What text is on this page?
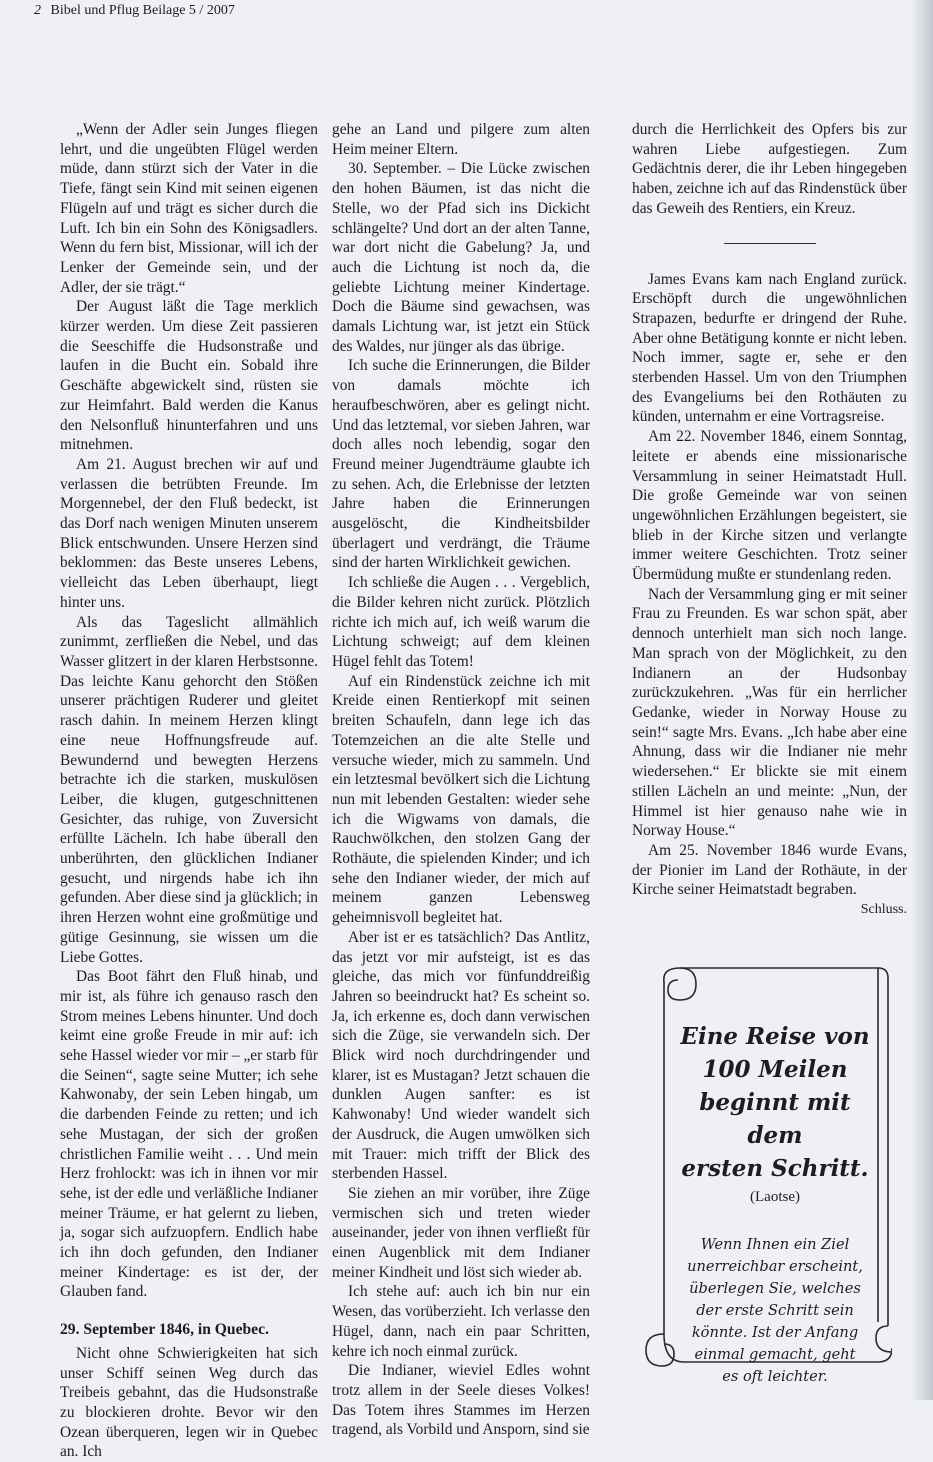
2 Bibel und Pflug Beilage 5 / 2007

„Wenn der Adler sein Junges fliegen lehrt, und die ungeübten Flügel werden müde, dann stürzt sich der Vater in die Tiefe, fängt sein Kind mit seinen eigenen Flügeln auf und trägt es sicher durch die Luft. Ich bin ein Sohn des Königsadlers. Wenn du fern bist, Missionar, will ich der Lenker der Gemeinde sein, und der Adler, der sie trägt.“

Der August läßt die Tage merklich kürzer werden. Um diese Zeit passieren die Seeschiffe die Hudsonstraße und laufen in die Bucht ein. Sobald ihre Geschäfte abgewickelt sind, rüsten sie zur Heimfahrt. Bald werden die Kanus den Nelsonfluß hinunterfahren und uns mitnehmen.

Am 21. August brechen wir auf und verlassen die betrübten Freunde. Im Morgennebel, der den Fluß bedeckt, ist das Dorf nach wenigen Minuten unserem Blick entschwunden. Unsere Herzen sind beklommen: das Beste unseres Lebens, vielleicht das Leben überhaupt, liegt hinter uns.

Als das Tageslicht allmählich zunimmt, zerfließen die Nebel, und das Wasser glitzert in der klaren Herbstsonne. Das leichte Kanu gehorcht den Stößen unserer prächtigen Ruderer und gleitet rasch dahin. In meinem Herzen klingt eine neue Hoffnungsfreude auf. Bewundernd und bewegten Herzens betrachte ich die starken, muskulösen Leiber, die klugen, gutgeschnittenen Gesichter, das ruhige, von Zuversicht erfüllte Lächeln. Ich habe überall den unberührten, den glücklichen Indianer gesucht, und nirgends habe ich ihn gefunden. Aber diese sind ja glücklich; in ihren Herzen wohnt eine großmütige und gütige Gesinnung, sie wissen um die Liebe Gottes.

Das Boot fährt den Fluß hinab, und mir ist, als führe ich genauso rasch den Strom meines Lebens hinunter. Und doch keimt eine große Freude in mir auf: ich sehe Hassel wieder vor mir – „er starb für die Seinen“, sagte seine Mutter; ich sehe Kahwonaby, der sein Leben hingab, um die darbenden Feinde zu retten; und ich sehe Mustagan, der sich der großen christlichen Familie weiht . . . Und mein Herz frohlockt: was ich in ihnen vor mir sehe, ist der edle und verläßliche Indianer meiner Träume, er hat gelernt zu lieben, ja, sogar sich aufzuopfern. Endlich habe ich ihn doch gefunden, den Indianer meiner Kindertage: es ist der, der Glauben fand.

29. September 1846, in Quebec.

Nicht ohne Schwierigkeiten hat sich unser Schiff seinen Weg durch das Treibeis gebahnt, das die Hudsonstraße zu blockieren drohte. Bevor wir den Ozean überqueren, legen wir in Quebec an. Ich

gehe an Land und pilgere zum alten Heim meiner Eltern.

30. September. – Die Lücke zwischen den hohen Bäumen, ist das nicht die Stelle, wo der Pfad sich ins Dickicht schlängelte? Und dort an der alten Tanne, war dort nicht die Gabelung? Ja, und auch die Lichtung ist noch da, die geliebte Lichtung meiner Kindertage. Doch die Bäume sind gewachsen, was damals Lichtung war, ist jetzt ein Stück des Waldes, nur jünger als das übrige.

Ich suche die Erinnerungen, die Bilder von damals möchte ich heraufbeschwören, aber es gelingt nicht. Und das letztemal, vor sieben Jahren, war doch alles noch lebendig, sogar den Freund meiner Jugendträume glaubte ich zu sehen. Ach, die Erlebnisse der letzten Jahre haben die Erinnerungen ausgelöscht, die Kindheitsbilder überlagert und verdrängt, die Träume sind der harten Wirklichkeit gewichen.

Ich schließe die Augen . . . Vergeblich, die Bilder kehren nicht zurück. Plötzlich richte ich mich auf, ich weiß warum die Lichtung schweigt; auf dem kleinen Hügel fehlt das Totem!

Auf ein Rindenstück zeichne ich mit Kreide einen Rentierkopf mit seinen breiten Schaufeln, dann lege ich das Totemzeichen an die alte Stelle und versuche wieder, mich zu sammeln. Und ein letztesmal bevölkert sich die Lichtung nun mit lebenden Gestalten: wieder sehe ich die Wigwams von damals, die Rauchwölkchen, den stolzen Gang der Rothäute, die spielenden Kinder; und ich sehe den Indianer wieder, der mich auf meinem ganzen Lebensweg geheimnisvoll begleitet hat.

Aber ist er es tatsächlich? Das Antlitz, das jetzt vor mir aufsteigt, ist es das gleiche, das mich vor fünfunddreißig Jahren so beeindruckt hat? Es scheint so. Ja, ich erkenne es, doch dann verwischen sich die Züge, sie verwandeln sich. Der Blick wird noch durchdringender und klarer, ist es Mustagan? Jetzt schauen die dunklen Augen sanfter: es ist Kahwonaby! Und wieder wandelt sich der Ausdruck, die Augen umwölken sich mit Trauer: mich trifft der Blick des sterbenden Hassel.

Sie ziehen an mir vorüber, ihre Züge vermischen sich und treten wieder auseinander, jeder von ihnen verfließt für einen Augenblick mit dem Indianer meiner Kindheit und löst sich wieder ab.

Ich stehe auf: auch ich bin nur ein Wesen, das vorüberzieht. Ich verlasse den Hügel, dann, nach ein paar Schritten, kehre ich noch einmal zurück.

Die Indianer, wieviel Edles wohnt trotz allem in der Seele dieses Volkes! Das Totem ihres Stammes im Herzen tragend, als Vorbild und Ansporn, sind sie

durch die Herrlichkeit des Opfers bis zur wahren Liebe aufgestiegen. Zum Gedächtnis derer, die ihr Leben hingegeben haben, zeichne ich auf das Rindenstück über das Geweih des Rentiers, ein Kreuz.

James Evans kam nach England zurück. Erschöpft durch die ungewöhnlichen Strapazen, bedurfte er dringend der Ruhe. Aber ohne Betätigung konnte er nicht leben. Noch immer, sagte er, sehe er den sterbenden Hassel. Um von den Triumphen des Evangeliums bei den Rothäuten zu künden, unternahm er eine Vortragsreise.

Am 22. November 1846, einem Sonntag, leitete er abends eine missionarische Versammlung in seiner Heimatstadt Hull. Die große Gemeinde war von seinen ungewöhnlichen Erzählungen begeistert, sie blieb in der Kirche sitzen und verlangte immer weitere Geschichten. Trotz seiner Übermüdung mußte er stundenlang reden.

Nach der Versammlung ging er mit seiner Frau zu Freunden. Es war schon spät, aber dennoch unterhielt man sich noch lange. Man sprach von der Möglichkeit, zu den Indianern an der Hudsonbay zurückzukehren. „Was für ein herrlicher Gedanke, wieder in Norway House zu sein!“ sagte Mrs. Evans. „Ich habe aber eine Ahnung, dass wir die Indianer nie mehr wiedersehen.“ Er blickte sie mit einem stillen Lächeln an und meinte: „Nun, der Himmel ist hier genauso nahe wie in Norway House.“

Am 25. November 1846 wurde Evans, der Pionier im Land der Rothäute, in der Kirche seiner Heimatstadt begraben.

Schluss.

Eine Reise von
100 Meilen
beginnt mit dem
ersten Schritt.
(Laotse)
Wenn Ihnen ein Ziel
unerreichbar erscheint,
überlegen Sie, welches
der erste Schritt sein
könnte. Ist der Anfang
einmal gemacht, geht
es oft leichter.
